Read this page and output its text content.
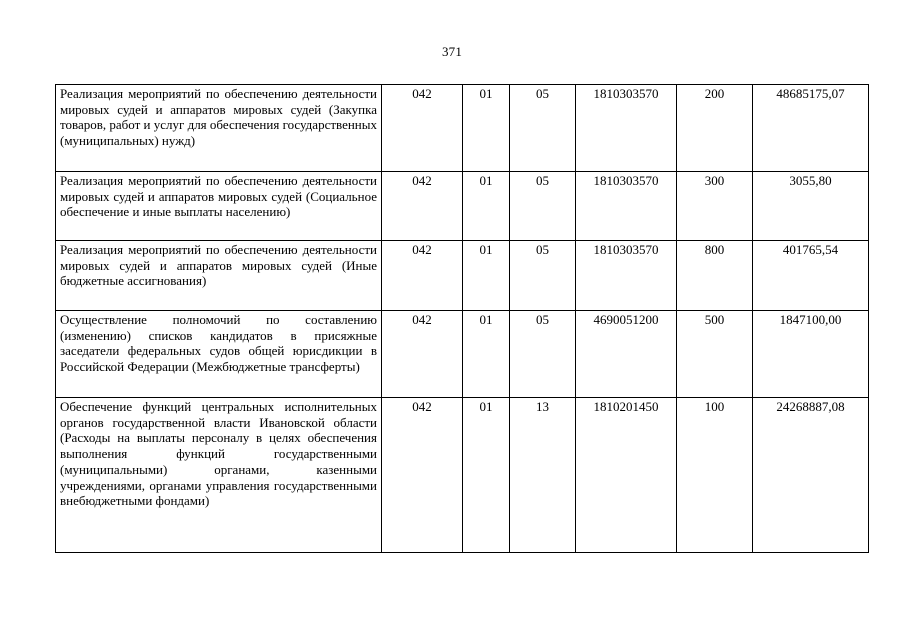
371
Реализация мероприятий по обеспечению деятельности мировых судей и аппаратов мировых судей (Закупка товаров, работ и услуг для обеспечения государственных (муниципальных) нужд)	042	01	05	1810303570	200	48685175,07
Реализация мероприятий по обеспечению деятельности мировых судей и аппаратов мировых судей (Социальное обеспечение и иные выплаты населению)	042	01	05	1810303570	300	3055,80
Реализация мероприятий по обеспечению деятельности мировых судей и аппаратов мировых судей (Иные бюджетные ассигнования)	042	01	05	1810303570	800	401765,54
Осуществление полномочий по составлению (изменению) списков кандидатов в присяжные заседатели федеральных судов общей юрисдикции в Российской Федерации (Межбюджетные трансферты)	042	01	05	4690051200	500	1847100,00
Обеспечение функций центральных исполнительных органов государственной власти Ивановской области (Расходы на выплаты персоналу в целях обеспечения выполнения функций государственными (муниципальными) органами, казенными учреждениями, органами управления государственными внебюджетными фондами)	042	01	13	1810201450	100	24268887,08
